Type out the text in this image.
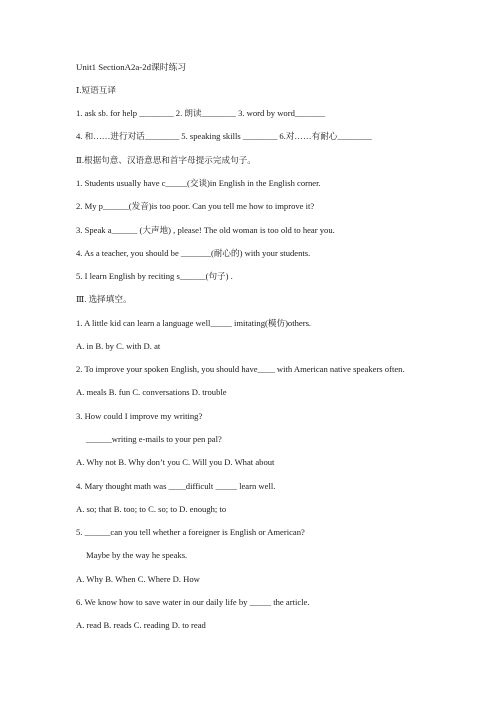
Unit1 SectionA2a-2d课时练习
Ⅰ.短语互译
1. ask sb. for help ________ 2. 朗读________ 3. word by word_______
4. 和……进行对话________ 5. speaking skills ________ 6.对……有耐心________
Ⅱ.根据句意、汉语意思和首字母提示完成句子。
1. Students usually have c_____(交谈)in English in the English corner.
2. My p______(发音)is too poor. Can you tell me how to improve it?
3. Speak a______ (大声地) , please! The old woman is too old to hear you.
4. As a teacher, you should be _______(耐心的) with your students.
5. I learn English by reciting s______(句子) .
Ⅲ. 选择填空。
1. A little kid can learn a language well_____ imitating(模仿)others.
A. in B. by C. with D. at
2. To improve your spoken English, you should have____ with American native speakers often.
A. meals B. fun C. conversations D. trouble
3. How could I improve my writing?
______writing e-mails to your pen pal?
A. Why not B. Why don’t you C. Will you D. What about
4. Mary thought math was ____difficult _____ learn well.
A. so; that B. too; to C. so; to D. enough; to
5. ______can you tell whether a foreigner is English or American?
Maybe by the way he speaks.
A. Why B. When C. Where D. How
6. We know how to save water in our daily life by _____ the article.
A. read B. reads C. reading D. to read
